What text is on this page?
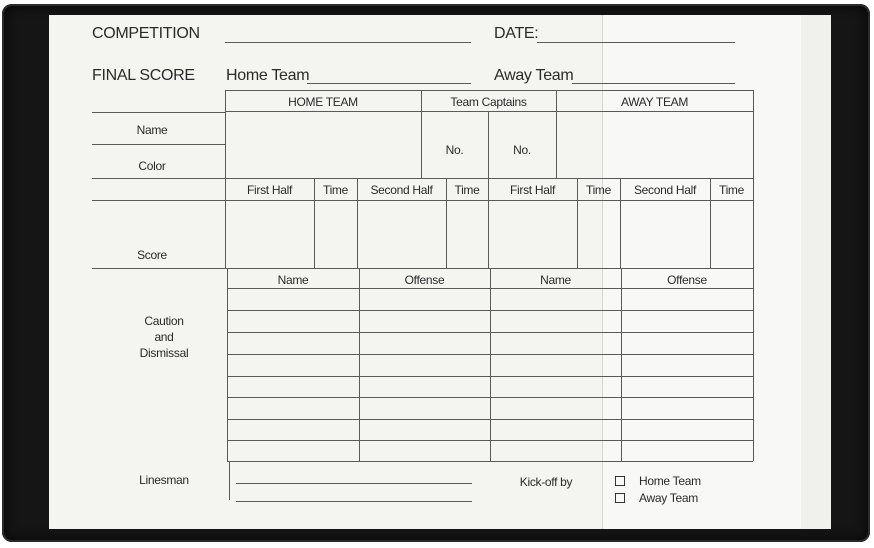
COMPETITION	DATE:
FINAL SCORE Home Team	Away Team
HOME TEAM	Team Captains	AWAY TEAM
Name
Color
No.	No.
First Half	Time	Second Half	Time	First Half	Time	Second Half	Time
Score
Name	Offense	Name	Offense
Caution
and
Dismissal
Linesman	Kick-off by	Home Team
Away Team
